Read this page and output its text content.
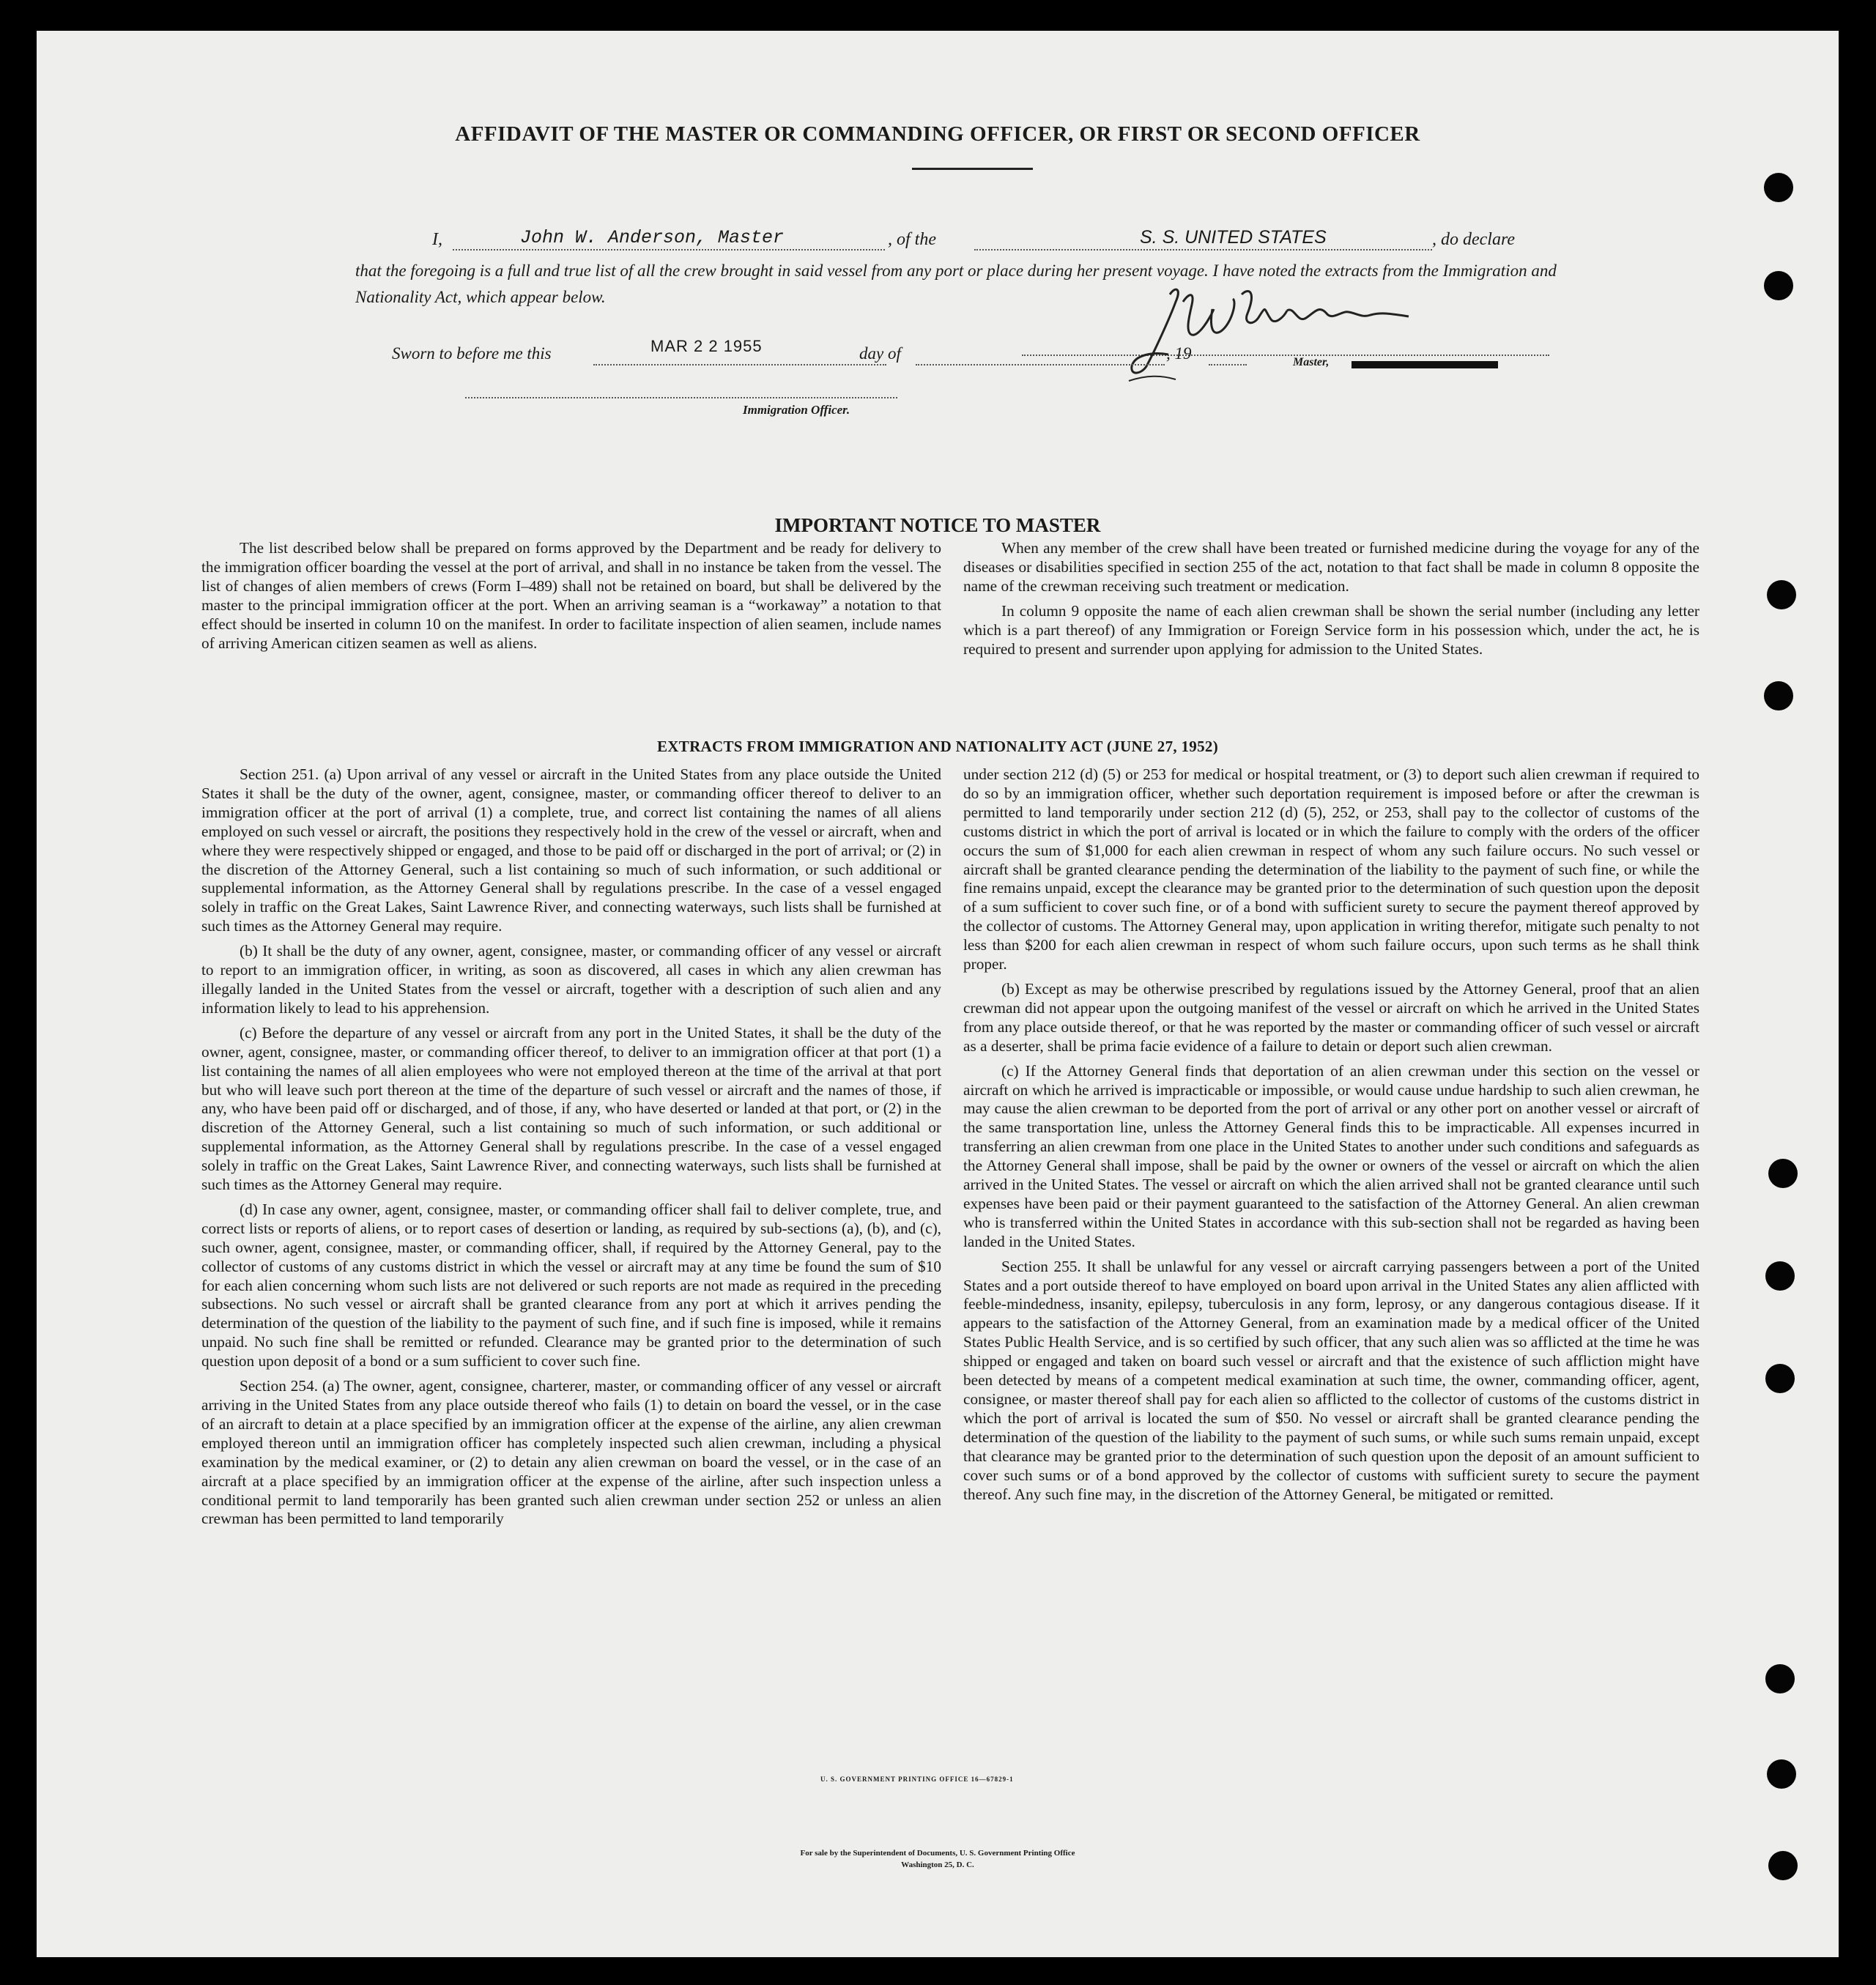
AFFIDAVIT OF THE MASTER OR COMMANDING OFFICER, OR FIRST OR SECOND OFFICER
I,	John W. Anderson, Master	, of the	S. S. UNITED STATES	, do declare
that the foregoing is a full and true list of all the crew brought in said vessel from any port or place during her present voyage. I have noted the extracts from the Immigration and Nationality Act, which appear below.
Master,
Sworn to before me this	MAR 2 2 1955	day of	, 19
Immigration Officer.
IMPORTANT NOTICE TO MASTER

The list described below shall be prepared on forms approved by the Department and be ready for delivery to the immigration officer boarding the vessel at the port of arrival, and shall in no instance be taken from the vessel. The list of changes of alien members of crews (Form I–489) shall not be retained on board, but shall be delivered by the master to the principal immigration officer at the port. When an arriving seaman is a “workaway” a notation to that effect should be inserted in column 10 on the manifest. In order to facilitate inspection of alien seamen, include names of arriving American citizen seamen as well as aliens.

When any member of the crew shall have been treated or furnished medicine during the voyage for any of the diseases or disabilities specified in section 255 of the act, notation to that fact shall be made in column 8 opposite the name of the crewman receiving such treatment or medication.

In column 9 opposite the name of each alien crewman shall be shown the serial number (including any letter which is a part thereof) of any Immigration or Foreign Service form in his possession which, under the act, he is required to present and surrender upon applying for admission to the United States.

EXTRACTS FROM IMMIGRATION AND NATIONALITY ACT (JUNE 27, 1952)

Section 251. (a) Upon arrival of any vessel or aircraft in the United States from any place outside the United States it shall be the duty of the owner, agent, consignee, master, or commanding officer thereof to deliver to an immigration officer at the port of arrival (1) a complete, true, and correct list containing the names of all aliens employed on such vessel or aircraft, the positions they respectively hold in the crew of the vessel or aircraft, when and where they were respectively shipped or engaged, and those to be paid off or discharged in the port of arrival; or (2) in the discretion of the Attorney General, such a list containing so much of such information, or such additional or supplemental information, as the Attorney General shall by regulations prescribe. In the case of a vessel engaged solely in traffic on the Great Lakes, Saint Lawrence River, and connecting waterways, such lists shall be furnished at such times as the Attorney General may require.

(b) It shall be the duty of any owner, agent, consignee, master, or commanding officer of any vessel or aircraft to report to an immigration officer, in writing, as soon as discovered, all cases in which any alien crewman has illegally landed in the United States from the vessel or aircraft, together with a description of such alien and any information likely to lead to his apprehension.

(c) Before the departure of any vessel or aircraft from any port in the United States, it shall be the duty of the owner, agent, consignee, master, or commanding officer thereof, to deliver to an immigration officer at that port (1) a list containing the names of all alien employees who were not employed thereon at the time of the arrival at that port but who will leave such port thereon at the time of the departure of such vessel or aircraft and the names of those, if any, who have been paid off or discharged, and of those, if any, who have deserted or landed at that port, or (2) in the discretion of the Attorney General, such a list containing so much of such information, or such additional or supplemental information, as the Attorney General shall by regulations prescribe. In the case of a vessel engaged solely in traffic on the Great Lakes, Saint Lawrence River, and connecting waterways, such lists shall be furnished at such times as the Attorney General may require.

(d) In case any owner, agent, consignee, master, or commanding officer shall fail to deliver complete, true, and correct lists or reports of aliens, or to report cases of desertion or landing, as required by sub-sections (a), (b), and (c), such owner, agent, consignee, master, or commanding officer, shall, if required by the Attorney General, pay to the collector of customs of any customs district in which the vessel or aircraft may at any time be found the sum of $10 for each alien concerning whom such lists are not delivered or such reports are not made as required in the preceding subsections. No such vessel or aircraft shall be granted clearance from any port at which it arrives pending the determination of the question of the liability to the payment of such fine, and if such fine is imposed, while it remains unpaid. No such fine shall be remitted or refunded. Clearance may be granted prior to the determination of such question upon deposit of a bond or a sum sufficient to cover such fine.

Section 254. (a) The owner, agent, consignee, charterer, master, or commanding officer of any vessel or aircraft arriving in the United States from any place outside thereof who fails (1) to detain on board the vessel, or in the case of an aircraft to detain at a place specified by an immigration officer at the expense of the airline, any alien crewman employed thereon until an immigration officer has completely inspected such alien crewman, including a physical examination by the medical examiner, or (2) to detain any alien crewman on board the vessel, or in the case of an aircraft at a place specified by an immigration officer at the expense of the airline, after such inspection unless a conditional permit to land temporarily has been granted such alien crewman under section 252 or unless an alien crewman has been permitted to land temporarily

under section 212 (d) (5) or 253 for medical or hospital treatment, or (3) to deport such alien crewman if required to do so by an immigration officer, whether such deportation requirement is imposed before or after the crewman is permitted to land temporarily under section 212 (d) (5), 252, or 253, shall pay to the collector of customs of the customs district in which the port of arrival is located or in which the failure to comply with the orders of the officer occurs the sum of $1,000 for each alien crewman in respect of whom any such failure occurs. No such vessel or aircraft shall be granted clearance pending the determination of the liability to the payment of such fine, or while the fine remains unpaid, except the clearance may be granted prior to the determination of such question upon the deposit of a sum sufficient to cover such fine, or of a bond with sufficient surety to secure the payment thereof approved by the collector of customs. The Attorney General may, upon application in writing therefor, mitigate such penalty to not less than $200 for each alien crewman in respect of whom such failure occurs, upon such terms as he shall think proper.

(b) Except as may be otherwise prescribed by regulations issued by the Attorney General, proof that an alien crewman did not appear upon the outgoing manifest of the vessel or aircraft on which he arrived in the United States from any place outside thereof, or that he was reported by the master or commanding officer of such vessel or aircraft as a deserter, shall be prima facie evidence of a failure to detain or deport such alien crewman.

(c) If the Attorney General finds that deportation of an alien crewman under this section on the vessel or aircraft on which he arrived is impracticable or impossible, or would cause undue hardship to such alien crewman, he may cause the alien crewman to be deported from the port of arrival or any other port on another vessel or aircraft of the same transportation line, unless the Attorney General finds this to be impracticable. All expenses incurred in transferring an alien crewman from one place in the United States to another under such conditions and safeguards as the Attorney General shall impose, shall be paid by the owner or owners of the vessel or aircraft on which the alien arrived in the United States. The vessel or aircraft on which the alien arrived shall not be granted clearance until such expenses have been paid or their payment guaranteed to the satisfaction of the Attorney General. An alien crewman who is transferred within the United States in accordance with this sub-section shall not be regarded as having been landed in the United States.

Section 255. It shall be unlawful for any vessel or aircraft carrying passengers between a port of the United States and a port outside thereof to have employed on board upon arrival in the United States any alien afflicted with feeble-mindedness, insanity, epilepsy, tuberculosis in any form, leprosy, or any dangerous contagious disease. If it appears to the satisfaction of the Attorney General, from an examination made by a medical officer of the United States Public Health Service, and is so certified by such officer, that any such alien was so afflicted at the time he was shipped or engaged and taken on board such vessel or aircraft and that the existence of such affliction might have been detected by means of a competent medical examination at such time, the owner, commanding officer, agent, consignee, or master thereof shall pay for each alien so afflicted to the collector of customs of the customs district in which the port of arrival is located the sum of $50. No vessel or aircraft shall be granted clearance pending the determination of the question of the liability to the payment of such sums, or while such sums remain unpaid, except that clearance may be granted prior to the determination of such question upon the deposit of an amount sufficient to cover such sums or of a bond approved by the collector of customs with sufficient surety to secure the payment thereof. Any such fine may, in the discretion of the Attorney General, be mitigated or remitted.

U. S. GOVERNMENT PRINTING OFFICE 16—67829-1
For sale by the Superintendent of Documents, U. S. Government Printing Office
Washington 25, D. C.
